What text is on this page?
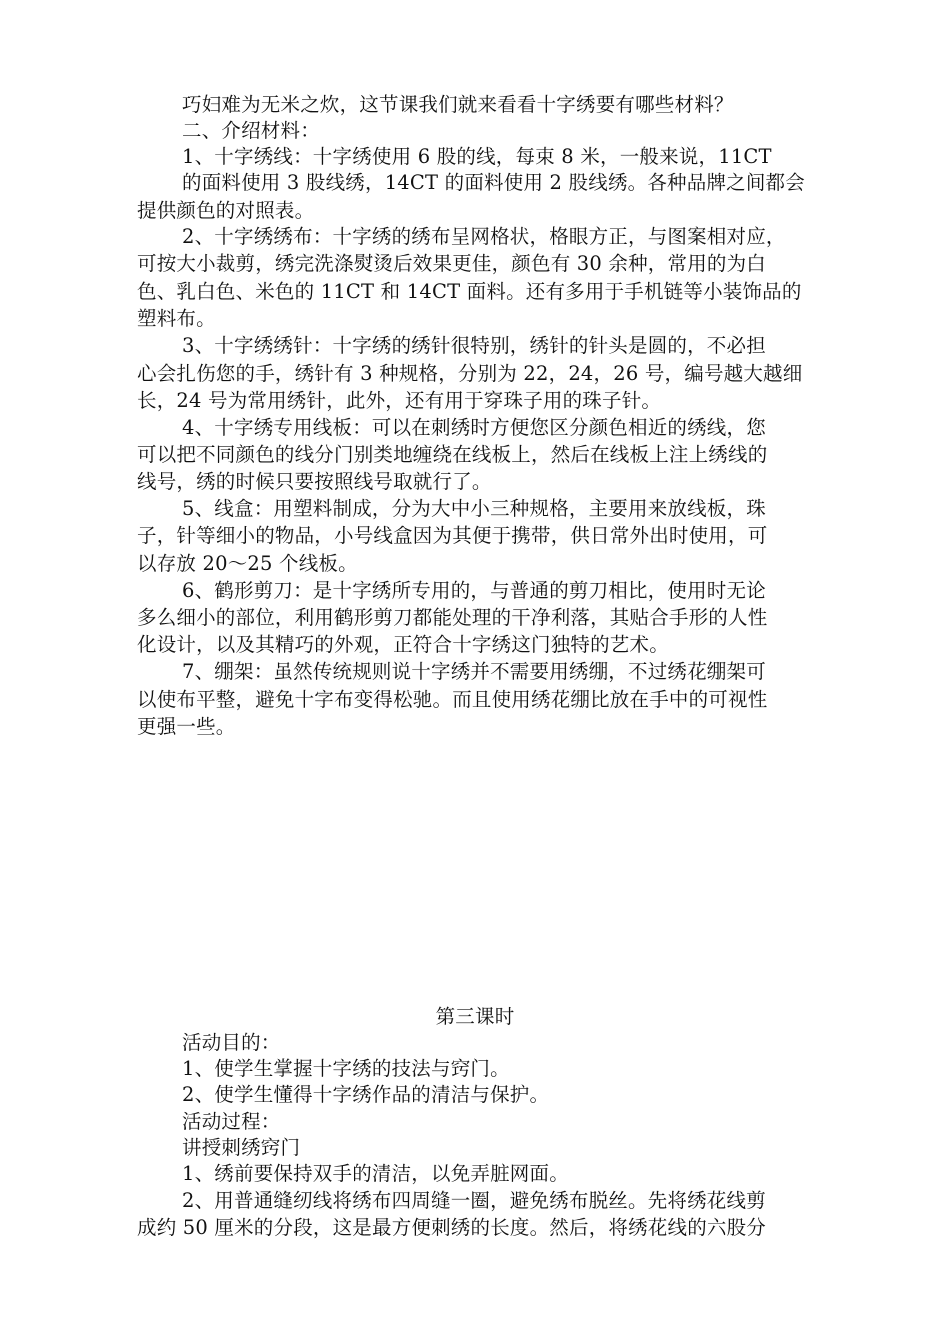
巧妇难为无米之炊，这节课我们就来看看十字绣要有哪些材料？
二、介绍材料：
1、十字绣线：十字绣使用 6 股的线，每束 8 米，一般来说，11CT
的面料使用 3 股线绣，14CT 的面料使用 2 股线绣。各种品牌之间都会
提供颜色的对照表。
2、十字绣绣布：十字绣的绣布呈网格状，格眼方正，与图案相对应，
可按大小裁剪，绣完洗涤熨烫后效果更佳，颜色有 30 余种，常用的为白
色、乳白色、米色的 11CT 和 14CT 面料。还有多用于手机链等小装饰品的
塑料布。
3、十字绣绣针：十字绣的绣针很特别，绣针的针头是圆的，不必担
心会扎伤您的手，绣针有 3 种规格，分别为 22，24，26 号，编号越大越细
长，24 号为常用绣针，此外，还有用于穿珠子用的珠子针。
4、十字绣专用线板：可以在刺绣时方便您区分颜色相近的绣线，您
可以把不同颜色的线分门别类地缠绕在线板上，然后在线板上注上绣线的
线号，绣的时候只要按照线号取就行了。
5、线盒：用塑料制成，分为大中小三种规格，主要用来放线板，珠
子，针等细小的物品，小号线盒因为其便于携带，供日常外出时使用，可
以存放 20～25 个线板。
6、鹤形剪刀：是十字绣所专用的，与普通的剪刀相比，使用时无论
多么细小的部位，利用鹤形剪刀都能处理的干净利落，其贴合手形的人性
化设计，以及其精巧的外观，正符合十字绣这门独特的艺术。
7、绷架：虽然传统规则说十字绣并不需要用绣绷，不过绣花绷架可
以使布平整，避免十字布变得松驰。而且使用绣花绷比放在手中的可视性
更强一些。
第三课时
活动目的：
1、使学生掌握十字绣的技法与窍门。
2、使学生懂得十字绣作品的清洁与保护。
活动过程：
讲授刺绣窍门
1、绣前要保持双手的清洁，以免弄脏网面。
2、用普通缝纫线将绣布四周缝一圈，避免绣布脱丝。先将绣花线剪
成约 50 厘米的分段，这是最方便刺绣的长度。然后，将绣花线的六股分
